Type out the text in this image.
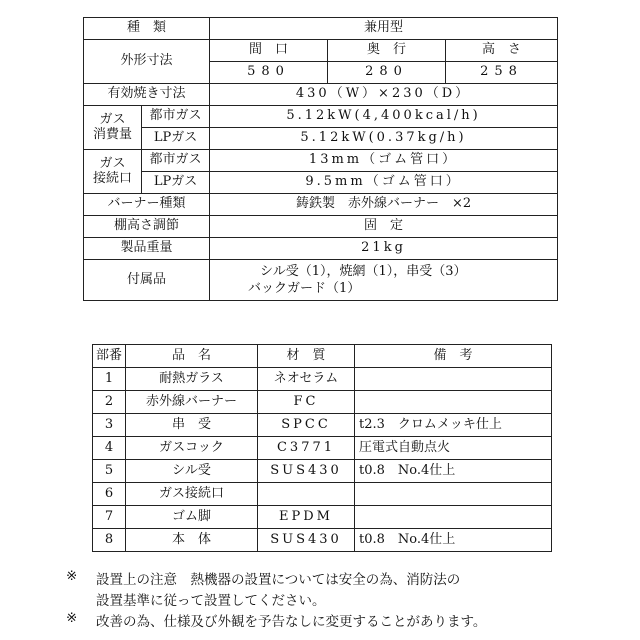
種　類		兼用型		
外形寸法		間　口	奥　行	高　さ
		580	280	258
有効焼き寸法		430（W）×230（D）		

ガス
消費量	都市ガス	5.12kW(4,400kcal/h)		
	LPガス	5.12kW(0.37kg/h)		

ガス
接続口	都市ガス	13mm（ゴム管口）		
	LPガス	9.5mm（ゴム管口）		
バーナー種類		鋳鉄製　赤外線バーナー　×2		
棚高さ調節		固　定		
製品重量		21kg		
付属品		シル受（1），焼網（1），串受（3）
バックガード（1）		
部番	品　名	材　質	備　考
1	耐熱ガラス	ネオセラム	
2	赤外線バーナー	FC	
3	串　受	SPCC	t2.3　クロムメッキ仕上
4	ガスコック	C3771	圧電式自動点火
5	シル受	SUS430	t0.8　No.4仕上
6	ガス接続口		
7	ゴム脚	EPDM	
8	本　体	SUS430	t0.8　No.4仕上
※ 設置上の注意　熱機器の設置については安全の為、消防法の
設置基準に従って設置してください。
※ 改善の為、仕様及び外観を予告なしに変更することがあります。
